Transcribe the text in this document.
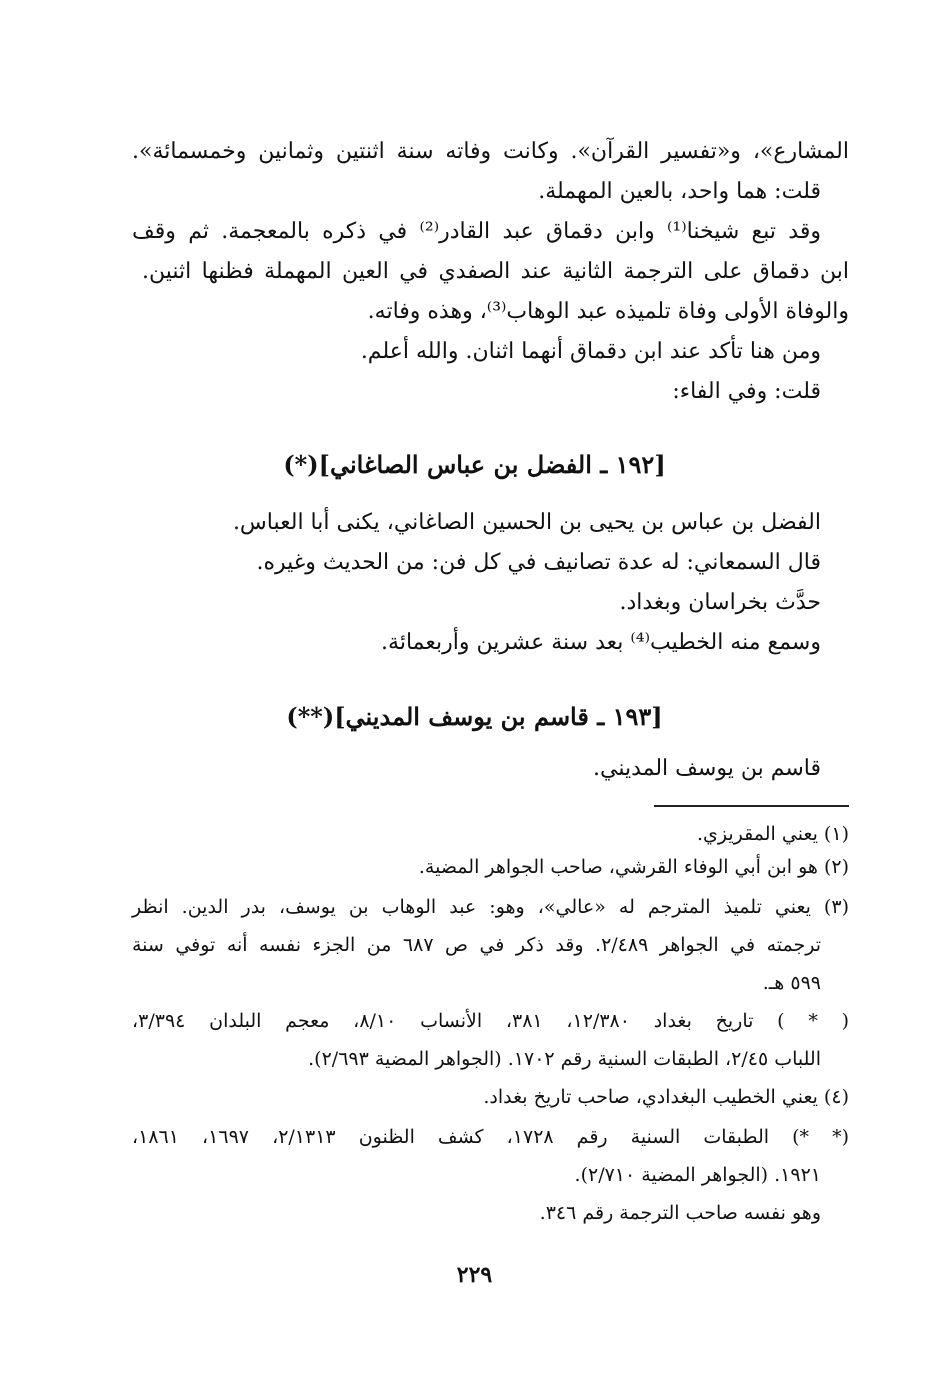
المشارع»، و«تفسير القرآن». وكانت وفاته سنة اثنتين وثمانين وخمسمائة».
قلت: هما واحد، بالعين المهملة.
وقد تبع شيخنا⁽¹⁾ وابن دقماق عبد القادر⁽²⁾ في ذكره بالمعجمة. ثم وقف
ابن دقماق على الترجمة الثانية عند الصفدي في العين المهملة فظنها اثنين.
والوفاة الأولى وفاة تلميذه عبد الوهاب⁽³⁾، وهذه وفاته.
ومن هنا تأكد عند ابن دقماق أنهما اثنان. والله أعلم.
قلت: وفي الفاء:
[١٩٢ ـ الفضل بن عباس الصاغاني](*)
الفضل بن عباس بن يحيى بن الحسين الصاغاني، يكنى أبا العباس.
قال السمعاني: له عدة تصانيف في كل فن: من الحديث وغيره.
حدَّث بخراسان وبغداد.
وسمع منه الخطيب⁽⁴⁾ بعد سنة عشرين وأربعمائة.
[١٩٣ ـ قاسم بن يوسف المديني](**)
قاسم بن يوسف المديني.
(١) يعني المقريزي.
(٢) هو ابن أبي الوفاء القرشي، صاحب الجواهر المضية.
(٣) يعني تلميذ المترجم له «عالي»، وهو: عبد الوهاب بن يوسف، بدر الدين. انظر
ترجمته في الجواهر ٢/٤٨٩. وقد ذكر في ص ٦٨٧ من الجزء نفسه أنه توفي سنة
٥٩٩ هـ.
( * ) تاريخ بغداد ١٢/٣٨٠، ٣٨١، الأنساب ٨/١٠، معجم البلدان ٣/٣٩٤،
اللباب ٢/٤٥، الطبقات السنية رقم ١٧٠٢. (الجواهر المضية ٢/٦٩٣).
(٤) يعني الخطيب البغدادي، صاحب تاريخ بغداد.
(* *) الطبقات السنية رقم ١٧٢٨، كشف الظنون ٢/١٣١٣، ١٦٩٧، ١٨٦١،
١٩٢١. (الجواهر المضية ٢/٧١٠).
وهو نفسه صاحب الترجمة رقم ٣٤٦.
٢٢٩
